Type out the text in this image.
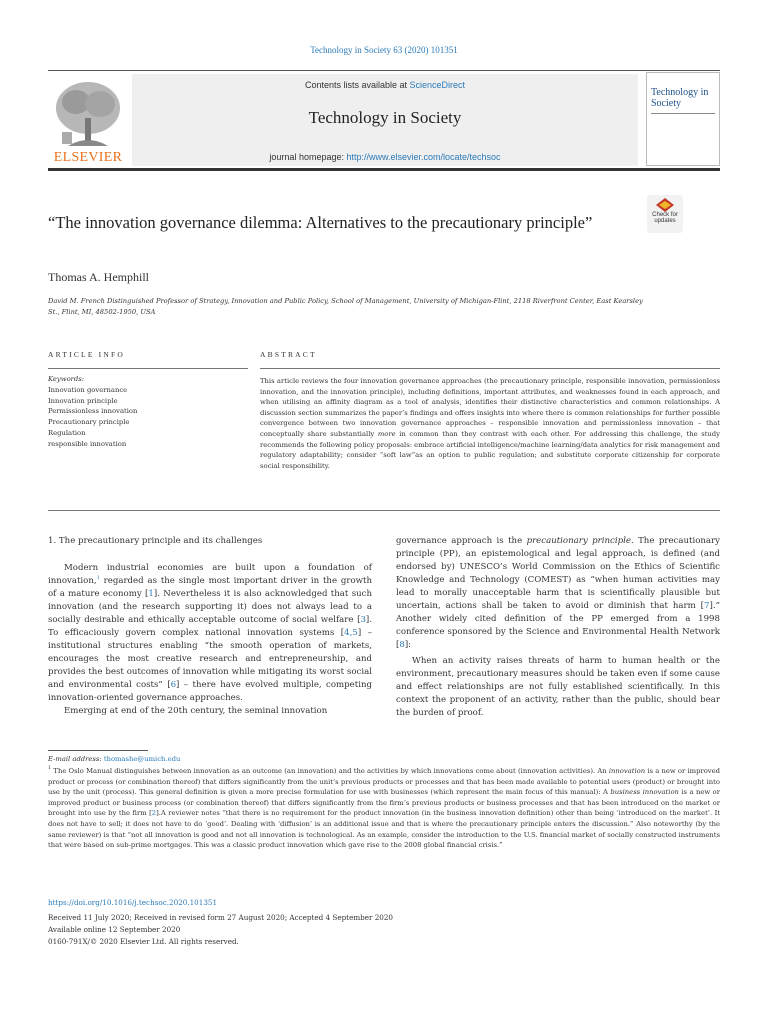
Technology in Society 63 (2020) 101351
ELSEVIER
Contents lists available at ScienceDirect
Technology in Society
journal homepage: http://www.elsevier.com/locate/techsoc
Technology in Society
“The innovation governance dilemma: Alternatives to the precautionary principle”	Check for updates
Thomas A. Hemphill
David M. French Distinguished Professor of Strategy, Innovation and Public Policy, School of Management, University of Michigan-Flint, 2118 Riverfront Center, East Kearsley St., Flint, MI, 48502-1950, USA
ARTICLE INFO	ABSTRACT
Keywords:
Innovation governance
Innovation principle
Permissionless innovation
Precautionary principle
Regulation
responsible innovation
This article reviews the four innovation governance approaches (the precautionary principle, responsible innovation, permissionless innovation, and the innovation principle), including definitions, important attributes, and weaknesses found in each approach, and when utilising an affinity diagram as a tool of analysis, identifies their distinctive characteristics and common relationships. A discussion section summarizes the paper’s findings and offers insights into where there is common relationships for further possible convergence between two innovation governance approaches – responsible innovation and permissionless innovation – that conceptually share substantially more in common than they contrast with each other. For addressing this challenge, the study recommends the following policy proposals: embrace artificial intelligence/machine learning/data analytics for risk management and regulatory adaptability; consider “soft law”as an option to public regulation; and substitute corporate citizenship for corporate social responsibility.
1. The precautionary principle and its challenges

Modern industrial economies are built upon a foundation of innovation,$^1$ regarded as the single most important driver in the growth of a mature economy [1]. Nevertheless it is also acknowledged that such innovation (and the research supporting it) does not always lead to a socially desirable and ethically acceptable outcome of social welfare [3]. To efficaciously govern complex national innovation systems [4,5] – institutional structures enabling “the smooth operation of markets, encourages the most creative research and entrepreneurship, and provides the best outcomes of innovation while mitigating its worst social and environmental costs” [6] – there have evolved multiple, competing innovation-oriented governance approaches.

Emerging at end of the 20th century, the seminal innovation

governance approach is the precautionary principle. The precautionary principle (PP), an epistemological and legal approach, is defined (and endorsed by) UNESCO’s World Commission on the Ethics of Scientific Knowledge and Technology (COMEST) as “when human activities may lead to morally unacceptable harm that is scientifically plausible but uncertain, actions shall be taken to avoid or diminish that harm [7].” Another widely cited definition of the PP emerged from a 1998 conference sponsored by the Science and Environmental Health Network [8]:

When an activity raises threats of harm to human health or the environment, precautionary measures should be taken even if some cause and effect relationships are not fully established scientifically. In this context the proponent of an activity, rather than the public, should bear the burden of proof.

E-mail address: thomashe@umich.edu
$^1$ The Oslo Manual distinguishes between innovation as an outcome (an innovation) and the activities by which innovations come about (innovation activities). An innovation is a new or improved product or process (or combination thereof) that differs significantly from the unit’s previous products or processes and that has been made available to potential users (product) or brought into use by the unit (process). This general definition is given a more precise formulation for use with businesses (which represent the main focus of this manual): A business innovation is a new or improved product or business process (or combination thereof) that differs significantly from the firm’s previous products or business processes and that has been introduced on the market or brought into use by the firm [2].A reviewer notes “that there is no requirement for the product innovation (in the business innovation definition) other than being ‘introduced on the market’. It does not have to sell; it does not have to do ‘good’. Dealing with ‘diffusion’ is an additional issue and that is where the precautionary principle enters the discussion.” Also noteworthy (by the same reviewer) is that “not all innovation is good and not all innovation is technological. As an example, consider the introduction to the U.S. financial market of socially constructed instruments that were based on sub-prime mortgages. This was a classic product innovation which gave rise to the 2008 global financial crisis.”
https://doi.org/10.1016/j.techsoc.2020.101351
Received 11 July 2020; Received in revised form 27 August 2020; Accepted 4 September 2020
Available online 12 September 2020
0160-791X/© 2020 Elsevier Ltd. All rights reserved.
